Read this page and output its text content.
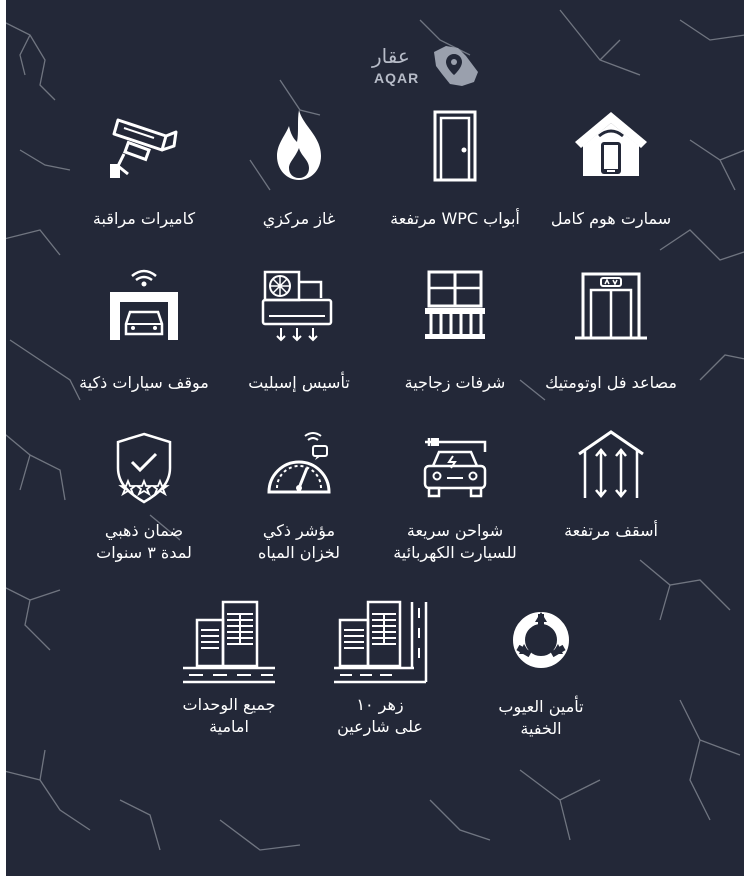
عقار
AQAR
سمارت هوم كامل
أبواب WPC مرتفعة
غاز مركزي
كاميرات مراقبة
مصاعد فل اوتومتيك
شرفات زجاجية
تأسيس إسبليت
موقف سيارات ذكية
أسقف مرتفعة
شواحن سريعة
للسيارت الكهربائية
مؤشر ذكي
لخزان المياه
ضمان ذهبي
لمدة ٣ سنوات
تأمين العيوب
الخفية
زهر ١٠
على شارعين
جميع الوحدات
امامية
